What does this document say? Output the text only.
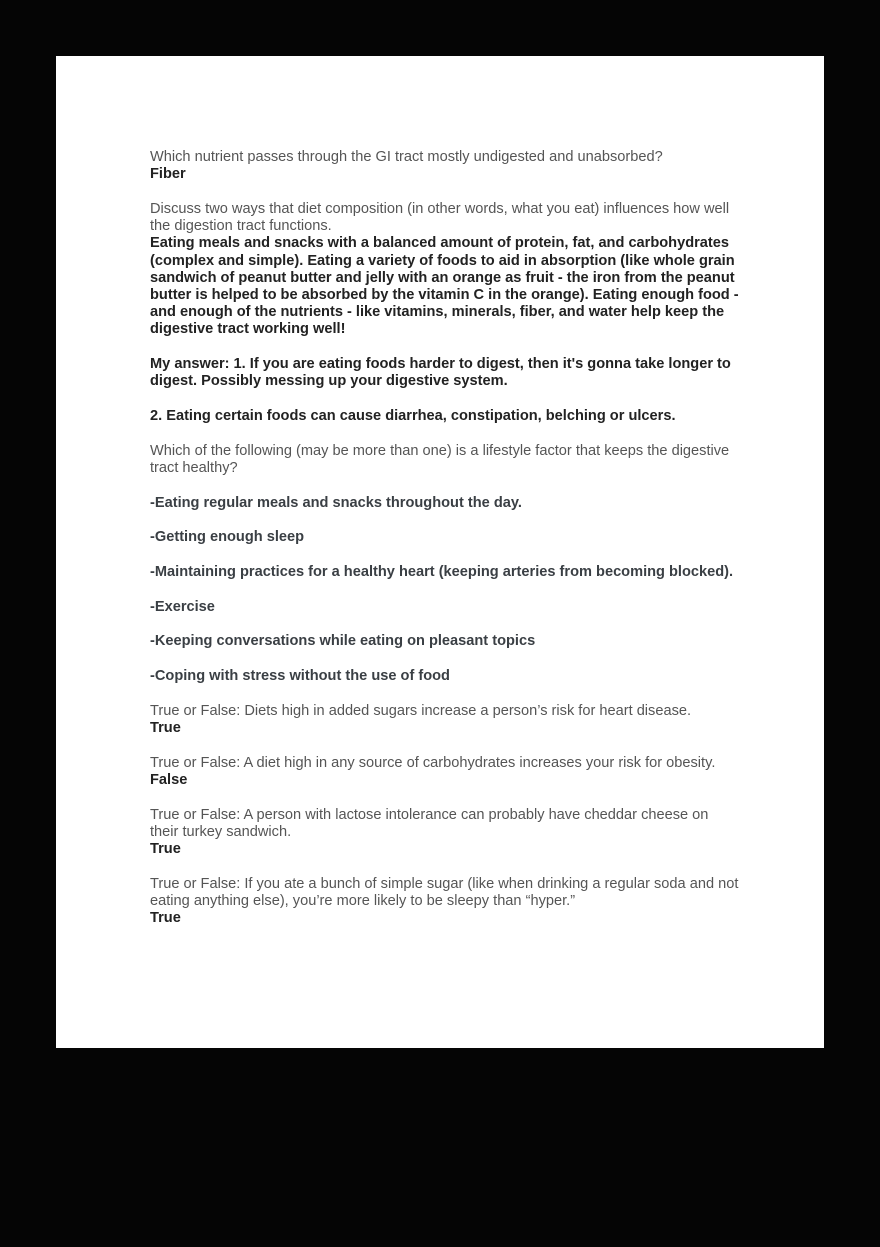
Which nutrient passes through the GI tract mostly undigested and unabsorbed?

Fiber

Discuss two ways that diet composition (in other words, what you eat) influences how well the digestion tract functions.

Eating meals and snacks with a balanced amount of protein, fat, and carbohydrates (complex and simple). Eating a variety of foods to aid in absorption (like whole grain sandwich of peanut butter and jelly with an orange as fruit - the iron from the peanut butter is helped to be absorbed by the vitamin C in the orange). Eating enough food - and enough of the nutrients - like vitamins, minerals, fiber, and water help keep the digestive tract working well!

My answer: 1. If you are eating foods harder to digest, then it's gonna take longer to digest. Possibly messing up your digestive system.

2. Eating certain foods can cause diarrhea, constipation, belching or ulcers.

Which of the following (may be more than one) is a lifestyle factor that keeps the digestive tract healthy?

-Eating regular meals and snacks throughout the day.

-Getting enough sleep

-Maintaining practices for a healthy heart (keeping arteries from becoming blocked).

-Exercise

-Keeping conversations while eating on pleasant topics

-Coping with stress without the use of food

True or False: Diets high in added sugars increase a person’s risk for heart disease.

True

True or False: A diet high in any source of carbohydrates increases your risk for obesity.

False

True or False: A person with lactose intolerance can probably have cheddar cheese on their turkey sandwich.

True

True or False: If you ate a bunch of simple sugar (like when drinking a regular soda and not eating anything else), you’re more likely to be sleepy than “hyper.”

True
